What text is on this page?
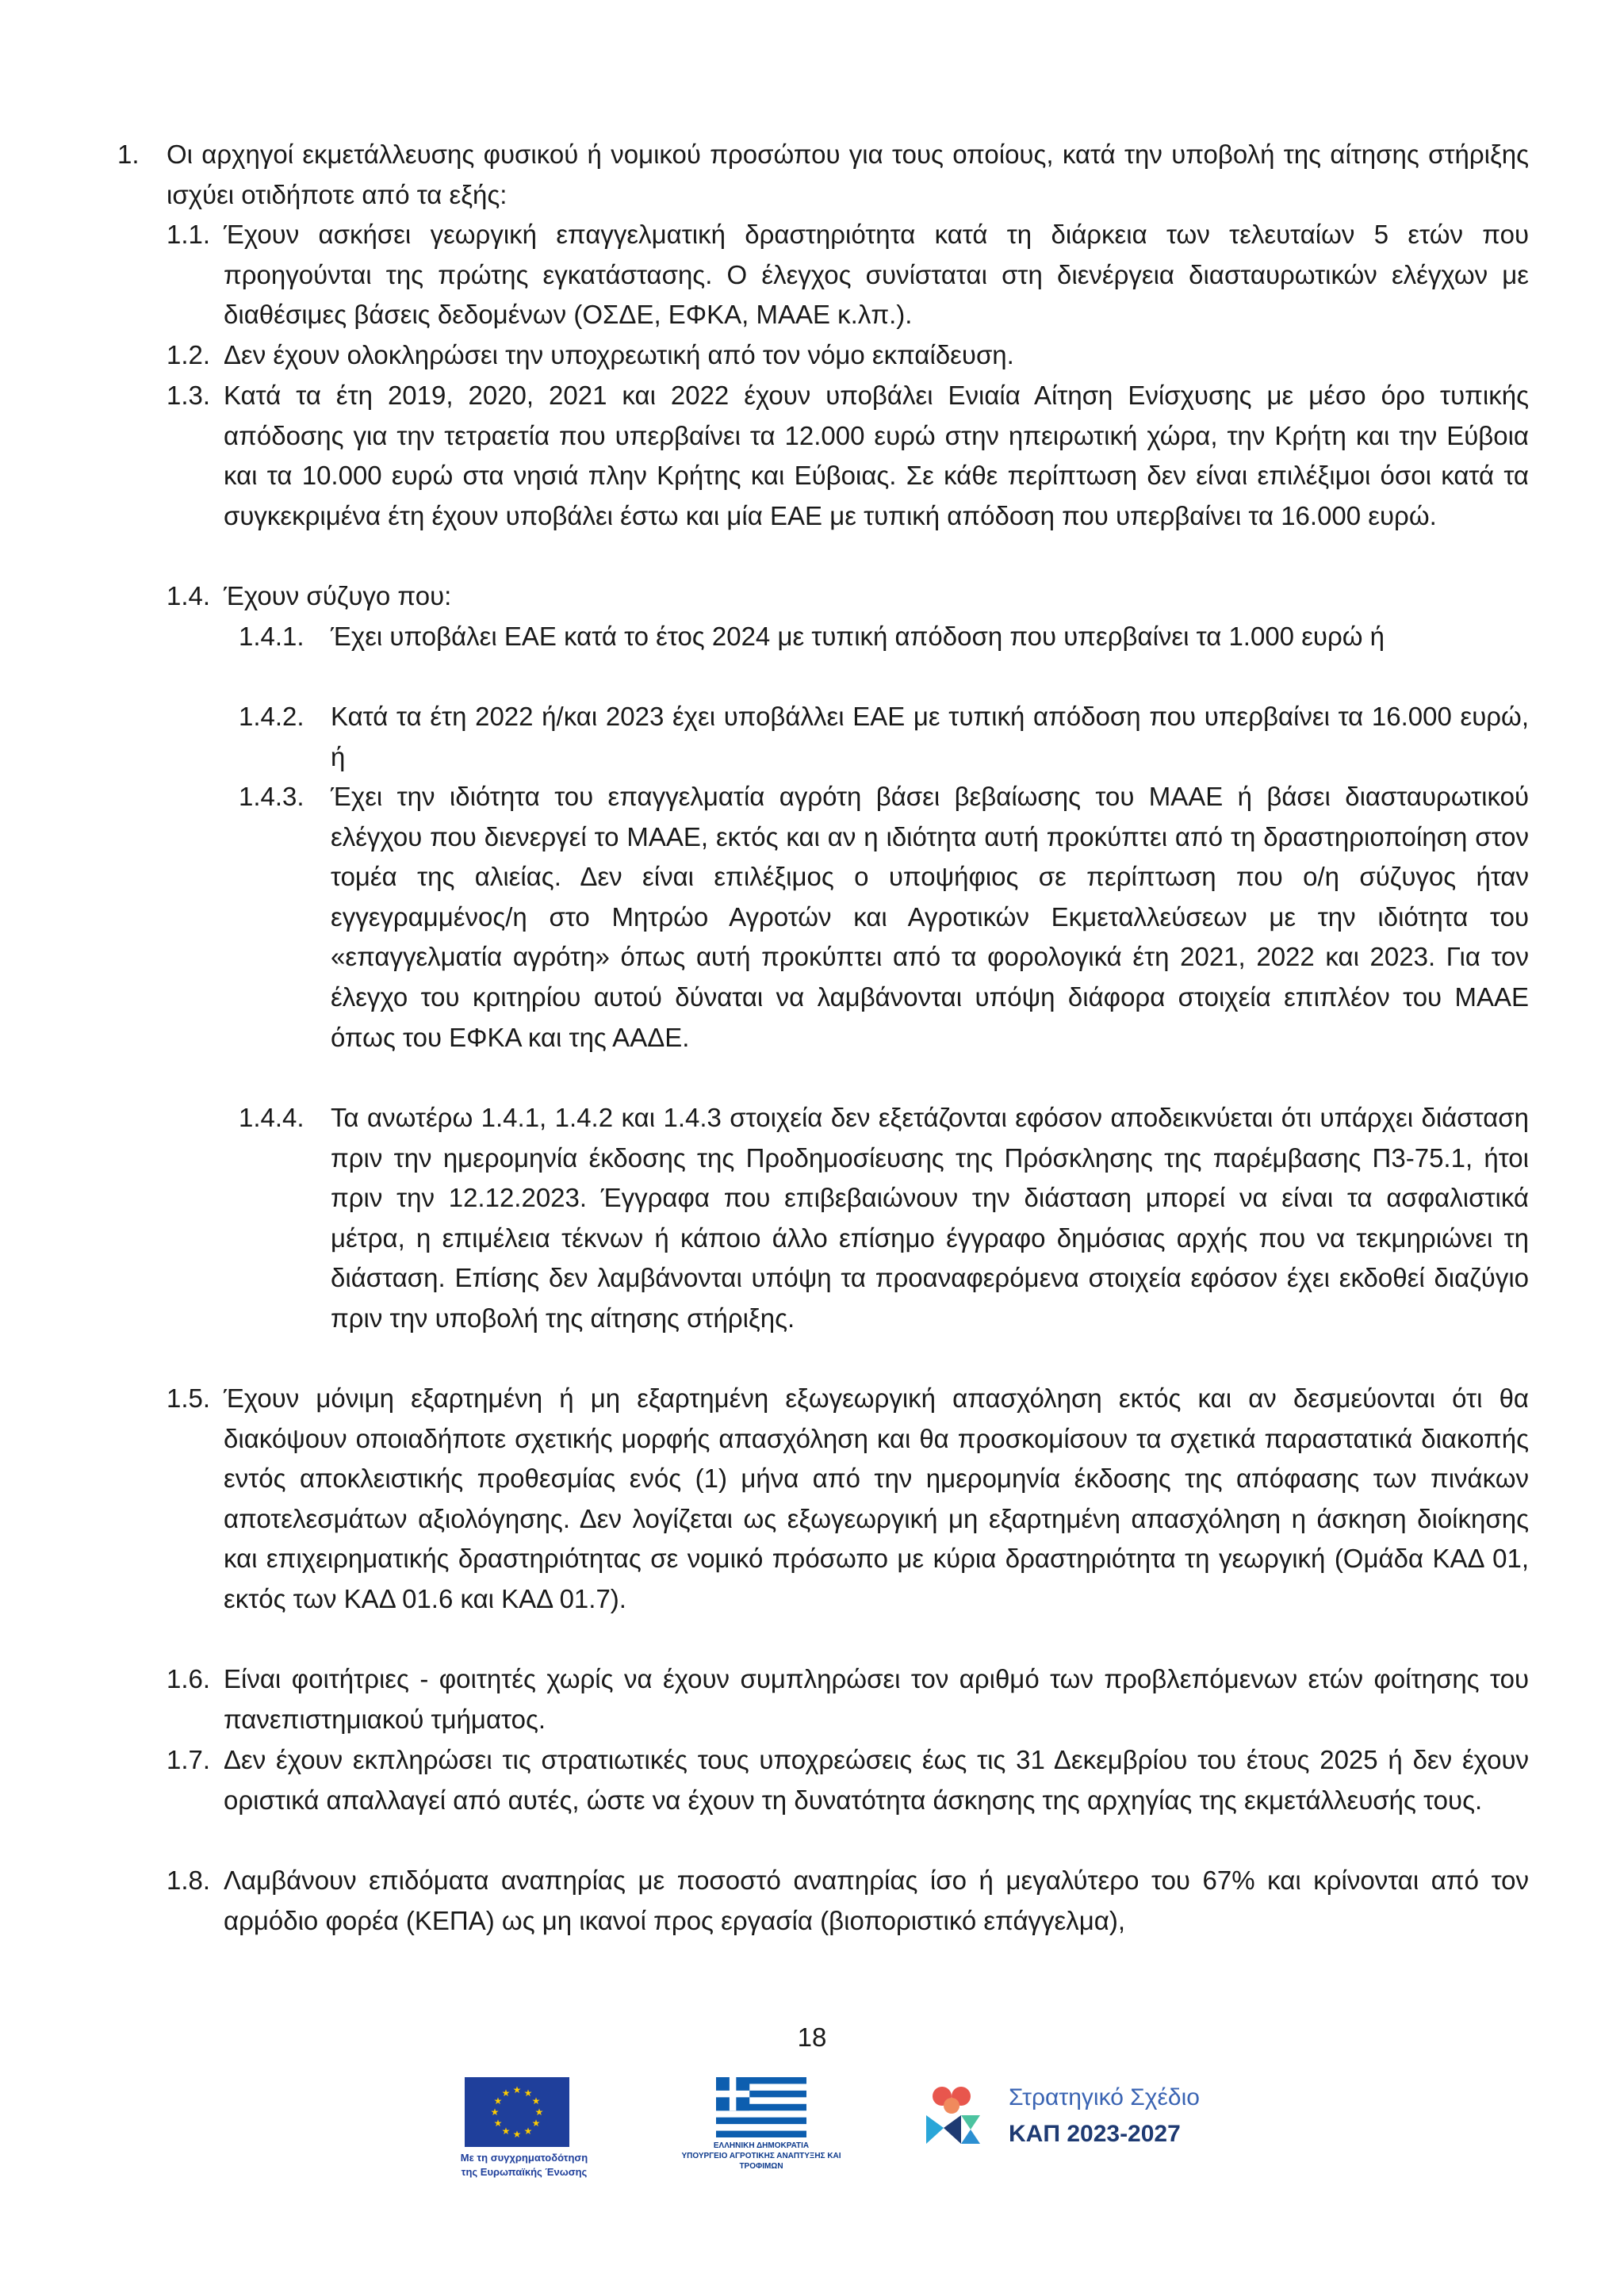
1. Οι αρχηγοί εκμετάλλευσης φυσικού ή νομικού προσώπου για τους οποίους, κατά την υποβολή της αίτησης στήριξης ισχύει οτιδήποτε από τα εξής:
1.1. Έχουν ασκήσει γεωργική επαγγελματική δραστηριότητα κατά τη διάρκεια των τελευταίων 5 ετών που προηγούνται της πρώτης εγκατάστασης. Ο έλεγχος συνίσταται στη διενέργεια διασταυρωτικών ελέγχων με διαθέσιμες βάσεις δεδομένων (ΟΣΔΕ, ΕΦΚΑ, ΜΑΑΕ κ.λπ.).
1.2. Δεν έχουν ολοκληρώσει την υποχρεωτική από τον νόμο εκπαίδευση.
1.3. Κατά τα έτη 2019, 2020, 2021 και 2022 έχουν υποβάλει Ενιαία Αίτηση Ενίσχυσης με μέσο όρο τυπικής απόδοσης για την τετραετία που υπερβαίνει τα 12.000 ευρώ στην ηπειρωτική χώρα, την Κρήτη και την Εύβοια και τα 10.000 ευρώ στα νησιά πλην Κρήτης και Εύβοιας. Σε κάθε περίπτωση δεν είναι επιλέξιμοι όσοι κατά τα συγκεκριμένα έτη έχουν υποβάλει έστω και μία ΕΑΕ με τυπική απόδοση που υπερβαίνει τα 16.000 ευρώ.
1.4. Έχουν σύζυγο που:
1.4.1. Έχει υποβάλει ΕΑΕ κατά το έτος 2024 με τυπική απόδοση που υπερβαίνει τα 1.000 ευρώ ή
1.4.2. Κατά τα έτη 2022 ή/και 2023 έχει υποβάλλει ΕΑΕ με τυπική απόδοση που υπερβαίνει τα 16.000 ευρώ, ή
1.4.3. Έχει την ιδιότητα του επαγγελματία αγρότη βάσει βεβαίωσης του ΜΑΑΕ ή βάσει διασταυρωτικού ελέγχου που διενεργεί το ΜΑΑΕ, εκτός και αν η ιδιότητα αυτή προκύπτει από τη δραστηριοποίηση στον τομέα της αλιείας. Δεν είναι επιλέξιμος ο υποψήφιος σε περίπτωση που ο/η σύζυγος ήταν εγγεγραμμένος/η στο Μητρώο Αγροτών και Αγροτικών Εκμεταλλεύσεων με την ιδιότητα του «επαγγελματία αγρότη» όπως αυτή προκύπτει από τα φορολογικά έτη 2021, 2022 και 2023. Για τον έλεγχο του κριτηρίου αυτού δύναται να λαμβάνονται υπόψη διάφορα στοιχεία επιπλέον του ΜΑΑΕ όπως του ΕΦΚΑ και της ΑΑΔΕ.
1.4.4. Τα ανωτέρω 1.4.1, 1.4.2 και 1.4.3 στοιχεία δεν εξετάζονται εφόσον αποδεικνύεται ότι υπάρχει διάσταση πριν την ημερομηνία έκδοσης της Προδημοσίευσης της Πρόσκλησης της παρέμβασης Π3-75.1, ήτοι πριν την 12.12.2023. Έγγραφα που επιβεβαιώνουν την διάσταση μπορεί να είναι τα ασφαλιστικά μέτρα, η επιμέλεια τέκνων ή κάποιο άλλο επίσημο έγγραφο δημόσιας αρχής που να τεκμηριώνει τη διάσταση. Επίσης δεν λαμβάνονται υπόψη τα προαναφερόμενα στοιχεία εφόσον έχει εκδοθεί διαζύγιο πριν την υποβολή της αίτησης στήριξης.
1.5. Έχουν μόνιμη εξαρτημένη ή μη εξαρτημένη εξωγεωργική απασχόληση εκτός και αν δεσμεύονται ότι θα διακόψουν οποιαδήποτε σχετικής μορφής απασχόληση και θα προσκομίσουν τα σχετικά παραστατικά διακοπής εντός αποκλειστικής προθεσμίας ενός (1) μήνα από την ημερομηνία έκδοσης της απόφασης των πινάκων αποτελεσμάτων αξιολόγησης. Δεν λογίζεται ως εξωγεωργική μη εξαρτημένη απασχόληση η άσκηση διοίκησης και επιχειρηματικής δραστηριότητας σε νομικό πρόσωπο με κύρια δραστηριότητα τη γεωργική (Ομάδα ΚΑΔ 01, εκτός των ΚΑΔ 01.6 και ΚΑΔ 01.7).
1.6. Είναι φοιτήτριες - φοιτητές χωρίς να έχουν συμπληρώσει τον αριθμό των προβλεπόμενων ετών φοίτησης του πανεπιστημιακού τμήματος.
1.7. Δεν έχουν εκπληρώσει τις στρατιωτικές τους υποχρεώσεις έως τις 31 Δεκεμβρίου του έτους 2025 ή δεν έχουν οριστικά απαλλαγεί από αυτές, ώστε να έχουν τη δυνατότητα άσκησης της αρχηγίας της εκμετάλλευσής τους.
1.8. Λαμβάνουν επιδόματα αναπηρίας με ποσοστό αναπηρίας ίσο ή μεγαλύτερο του 67% και κρίνονται από τον αρμόδιο φορέα (ΚΕΠΑ) ως μη ικανοί προς εργασία (βιοποριστικό επάγγελμα),
18
★ ★
★
★
★
★
★
★
★
★
★
★
Με τη συγχρηματοδότηση
της Ευρωπαϊκής Ένωσης
ΕΛΛΗΝΙΚΗ ΔΗΜΟΚΡΑΤΙΑ
ΥΠΟΥΡΓΕΙΟ ΑΓΡΟΤΙΚΗΣ ΑΝΑΠΤΥΞΗΣ ΚΑΙ ΤΡΟΦΙΜΩΝ
Στρατηγικό Σχέδιο
ΚΑΠ 2023-2027
